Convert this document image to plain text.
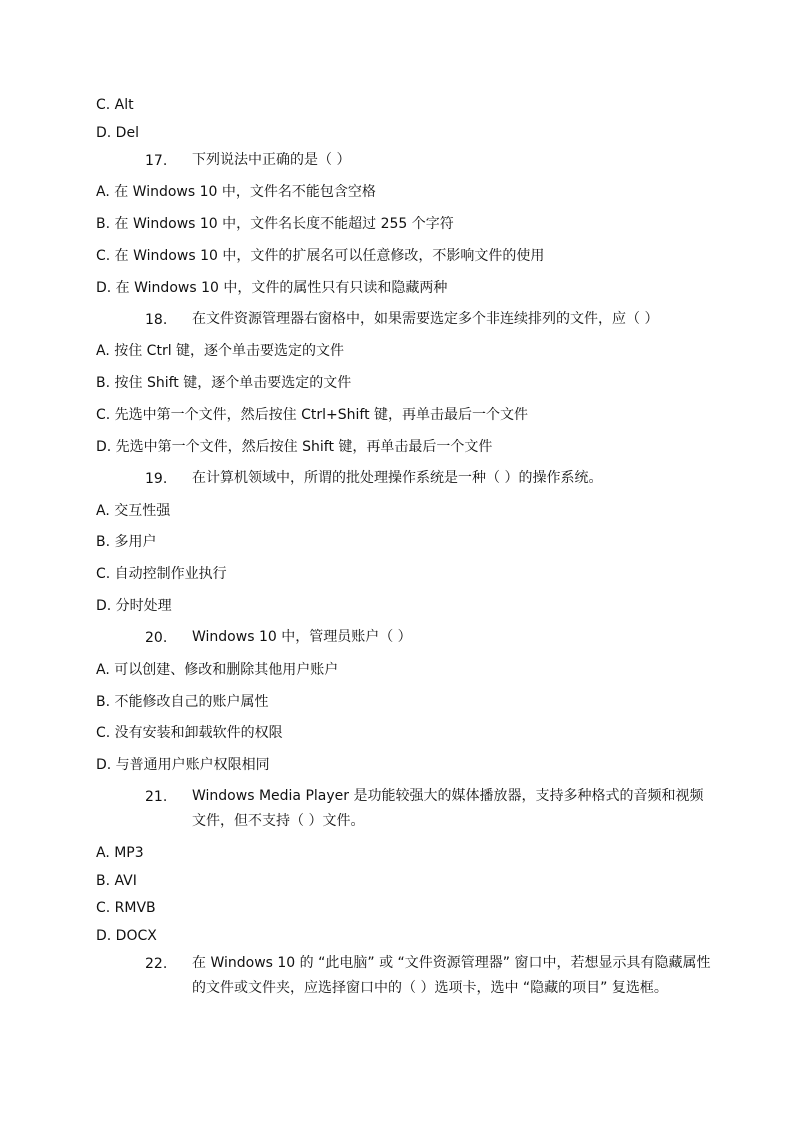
C. Alt
D. Del
17. 下列说法中正确的是（ ）
A. 在 Windows 10 中，文件名不能包含空格
B. 在 Windows 10 中，文件名长度不能超过 255 个字符
C. 在 Windows 10 中，文件的扩展名可以任意修改，不影响文件的使用
D. 在 Windows 10 中，文件的属性只有只读和隐藏两种
18. 在文件资源管理器右窗格中，如果需要选定多个非连续排列的文件，应（ ）
A. 按住 Ctrl 键，逐个单击要选定的文件
B. 按住 Shift 键，逐个单击要选定的文件
C. 先选中第一个文件，然后按住 Ctrl+Shift 键，再单击最后一个文件
D. 先选中第一个文件，然后按住 Shift 键，再单击最后一个文件
19. 在计算机领域中，所谓的批处理操作系统是一种（ ）的操作系统。
A. 交互性强
B. 多用户
C. 自动控制作业执行
D. 分时处理
20. Windows 10 中，管理员账户（ ）
A. 可以创建、修改和删除其他用户账户
B. 不能修改自己的账户属性
C. 没有安装和卸载软件的权限
D. 与普通用户账户权限相同
21. Windows Media Player 是功能较强大的媒体播放器，支持多种格式的音频和视频文件，但不支持（ ）文件。
A. MP3
B. AVI
C. RMVB
D. DOCX
22. 在 Windows 10 的 “此电脑” 或 “文件资源管理器” 窗口中，若想显示具有隐藏属性的文件或文件夹，应选择窗口中的（ ）选项卡，选中 “隐藏的项目” 复选框。
